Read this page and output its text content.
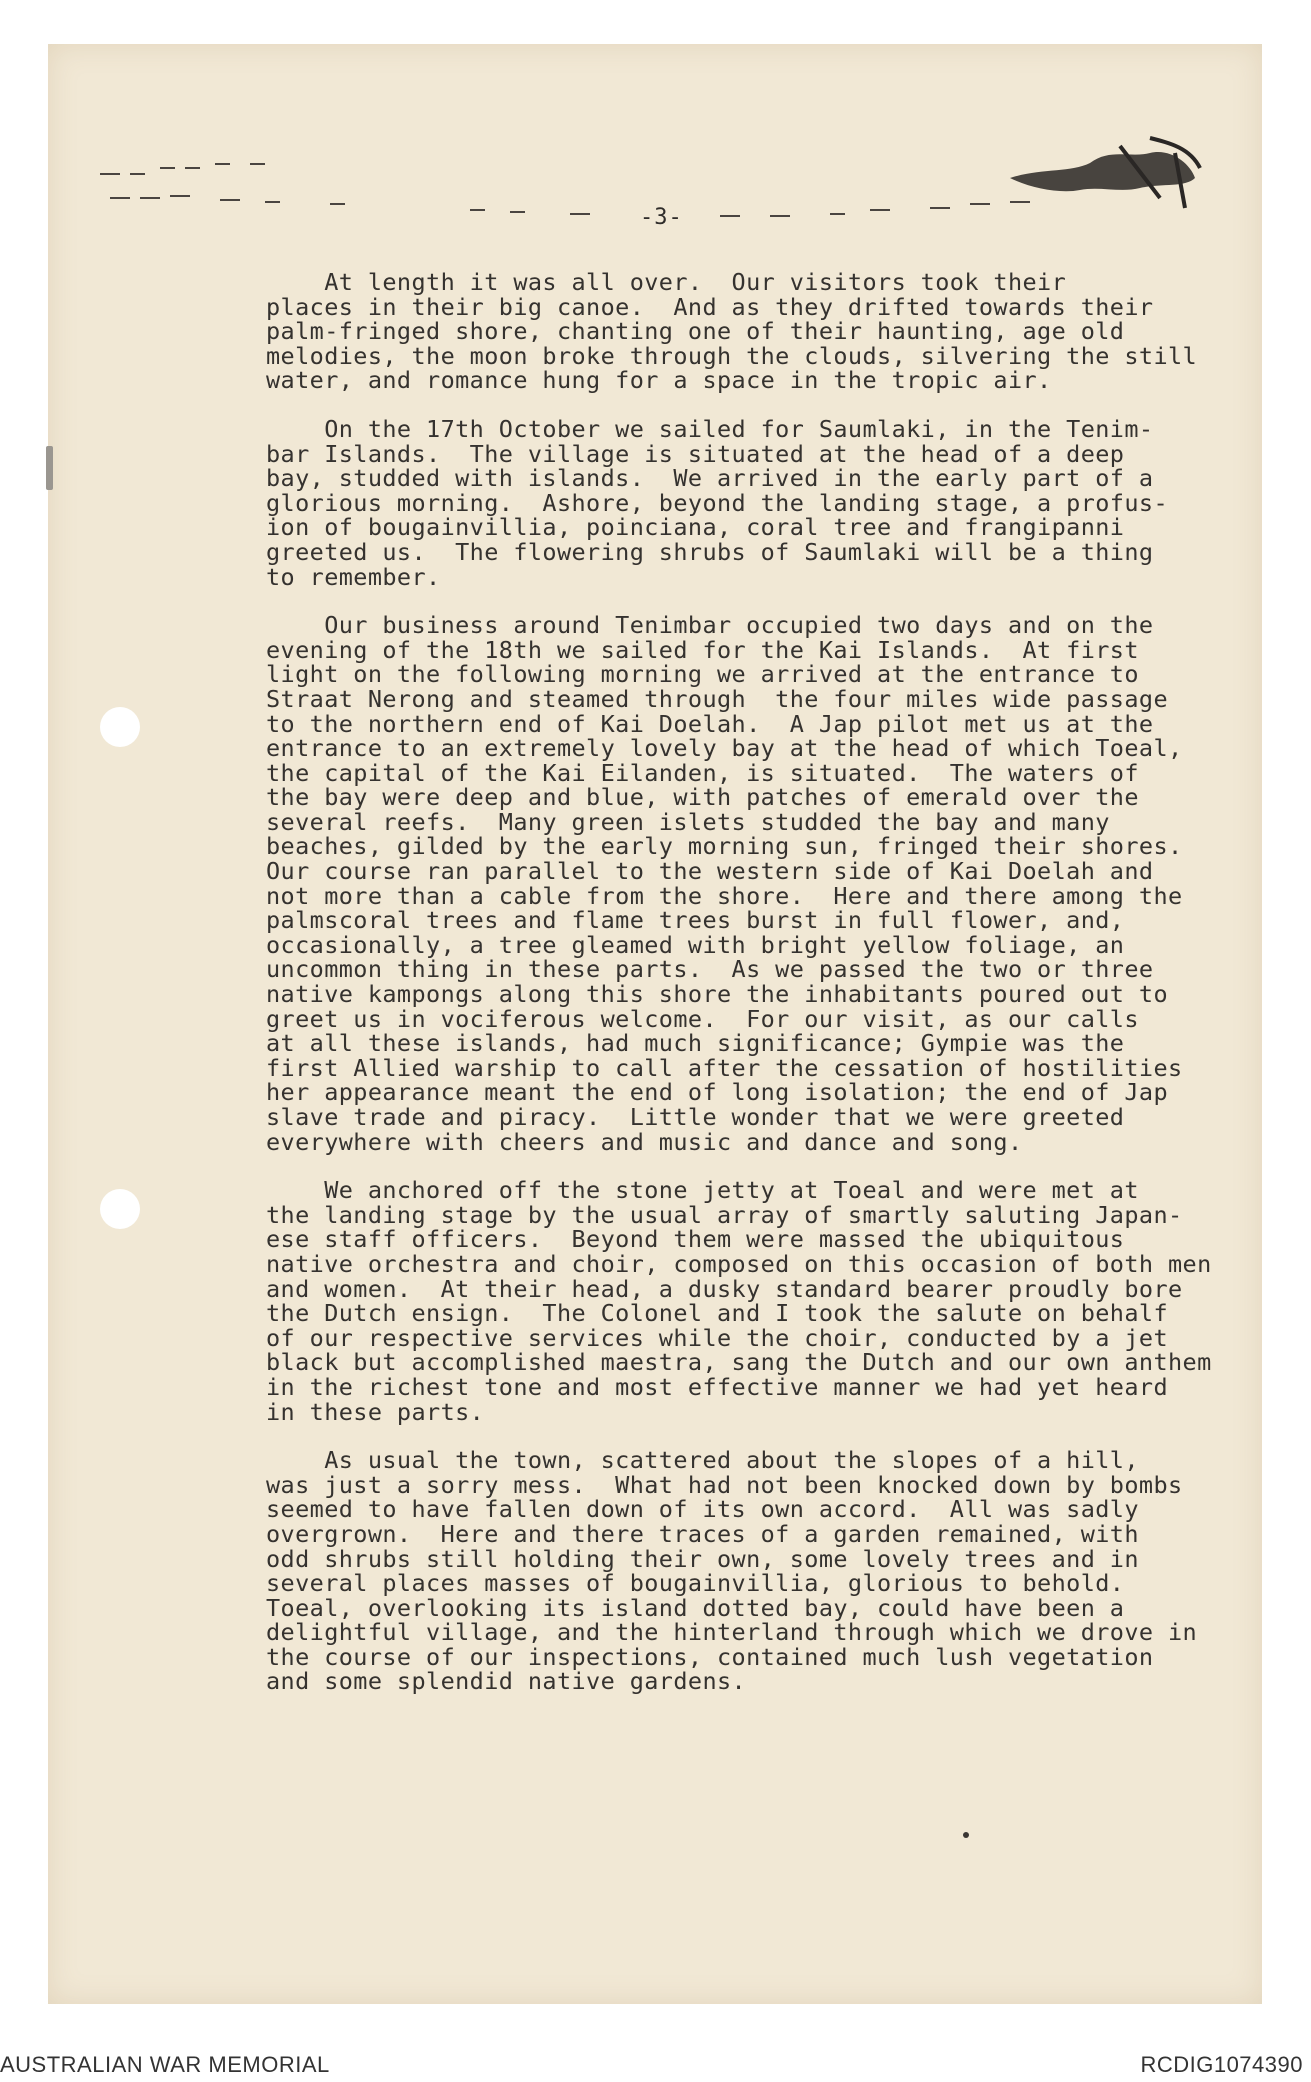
-3-
At length it was all over.  Our visitors took their
places in their big canoe.  And as they drifted towards their
palm-fringed shore, chanting one of their haunting, age old
melodies, the moon broke through the clouds, silvering the still
water, and romance hung for a space in the tropic air.
On the 17th October we sailed for Saumlaki, in the Tenim-
bar Islands.  The village is situated at the head of a deep
bay, studded with islands.  We arrived in the early part of a
glorious morning.  Ashore, beyond the landing stage, a profus-
ion of bougainvillia, poinciana, coral tree and frangipanni
greeted us.  The flowering shrubs of Saumlaki will be a thing
to remember.
Our business around Tenimbar occupied two days and on the
evening of the 18th we sailed for the Kai Islands.  At first
light on the following morning we arrived at the entrance to
Straat Nerong and steamed through  the four miles wide passage
to the northern end of Kai Doelah.  A Jap pilot met us at the
entrance to an extremely lovely bay at the head of which Toeal,
the capital of the Kai Eilanden, is situated.  The waters of
the bay were deep and blue, with patches of emerald over the
several reefs.  Many green islets studded the bay and many
beaches, gilded by the early morning sun, fringed their shores.
Our course ran parallel to the western side of Kai Doelah and
not more than a cable from the shore.  Here and there among the
palmscoral trees and flame trees burst in full flower, and,
occasionally, a tree gleamed with bright yellow foliage, an
uncommon thing in these parts.  As we passed the two or three
native kampongs along this shore the inhabitants poured out to
greet us in vociferous welcome.  For our visit, as our calls
at all these islands, had much significance; Gympie was the
first Allied warship to call after the cessation of hostilities
her appearance meant the end of long isolation; the end of Jap
slave trade and piracy.  Little wonder that we were greeted
everywhere with cheers and music and dance and song.
We anchored off the stone jetty at Toeal and were met at
the landing stage by the usual array of smartly saluting Japan-
ese staff officers.  Beyond them were massed the ubiquitous
native orchestra and choir, composed on this occasion of both men
and women.  At their head, a dusky standard bearer proudly bore
the Dutch ensign.  The Colonel and I took the salute on behalf
of our respective services while the choir, conducted by a jet
black but accomplished maestra, sang the Dutch and our own anthem
in the richest tone and most effective manner we had yet heard
in these parts.
As usual the town, scattered about the slopes of a hill,
was just a sorry mess.  What had not been knocked down by bombs
seemed to have fallen down of its own accord.  All was sadly
overgrown.  Here and there traces of a garden remained, with
odd shrubs still holding their own, some lovely trees and in
several places masses of bougainvillia, glorious to behold.
Toeal, overlooking its island dotted bay, could have been a
delightful village, and the hinterland through which we drove in
the course of our inspections, contained much lush vegetation
and some splendid native gardens.
AUSTRALIAN WAR MEMORIAL	RCDIG1074390
